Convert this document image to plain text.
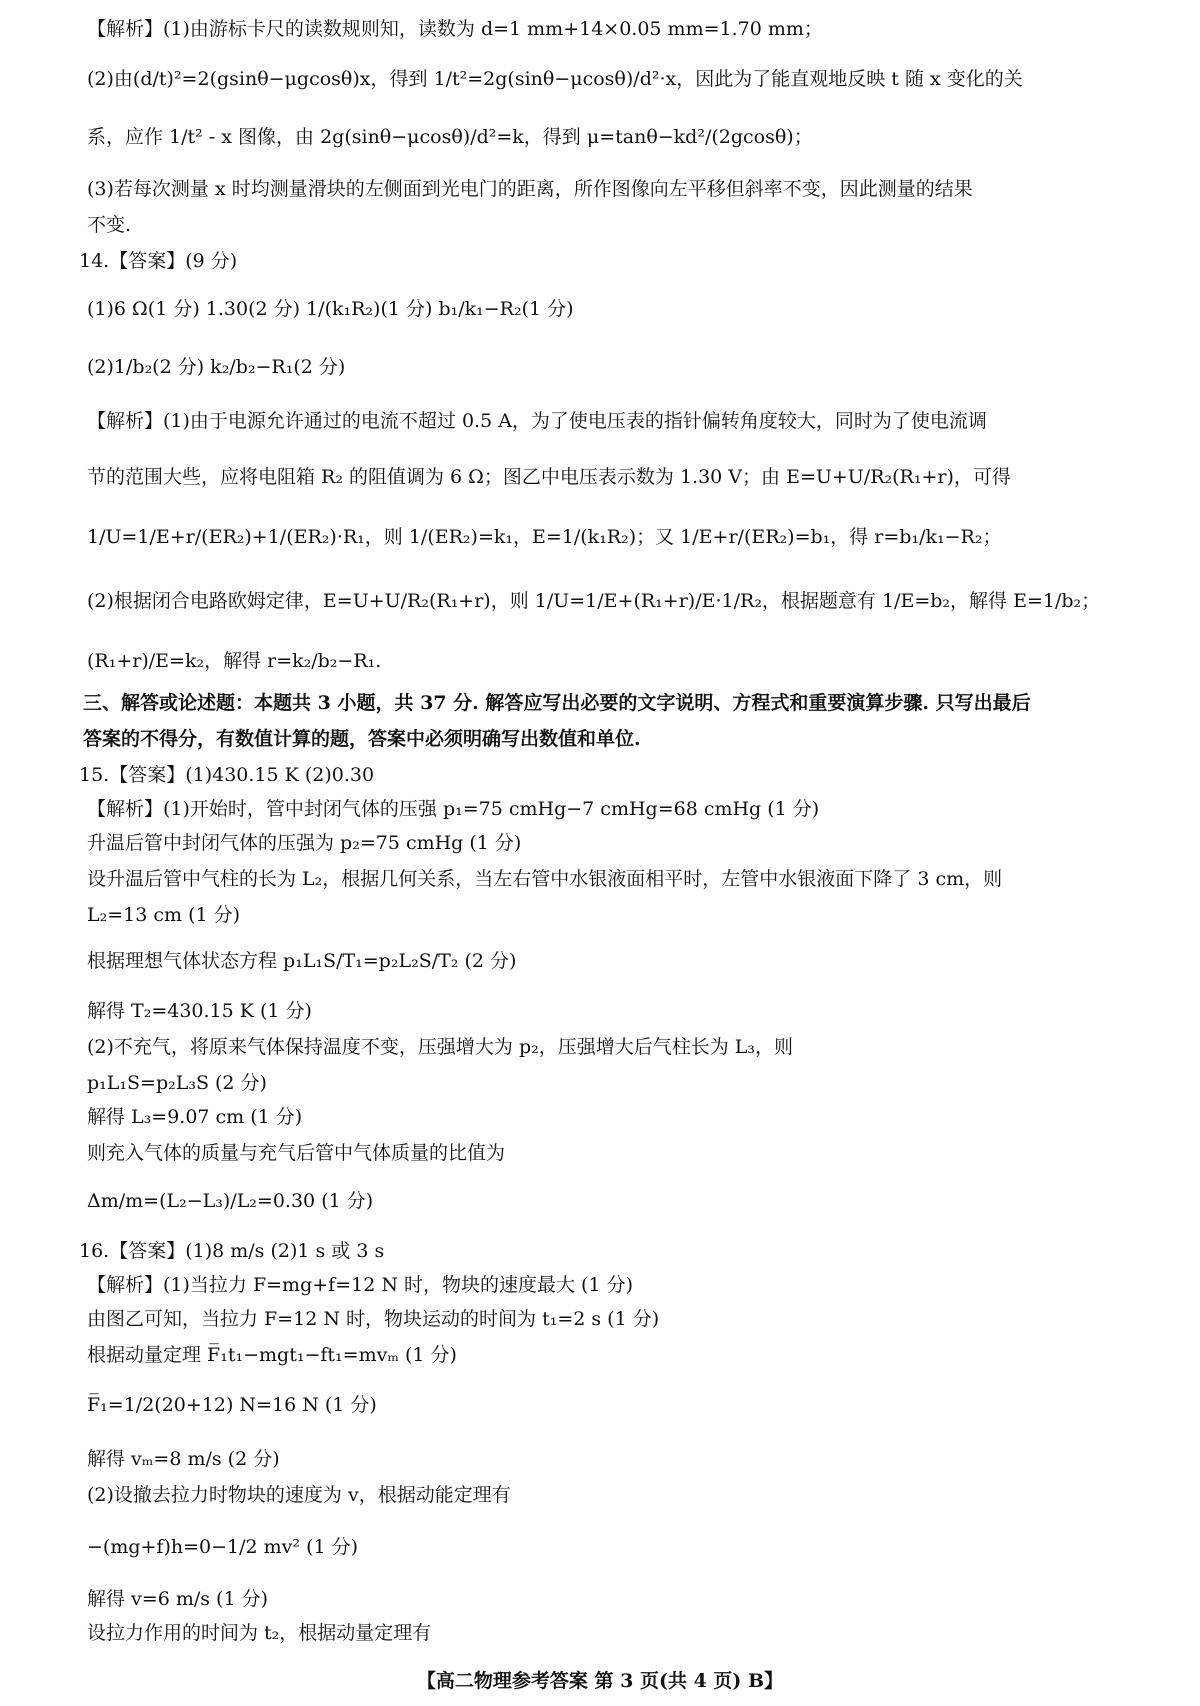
【解析】(1)由游标卡尺的读数规则知，读数为 d=1 mm+14×0.05 mm=1.70 mm；
(2)由(d/t)²=2(gsinθ−μgcosθ)x，得到 1/t²=2g(sinθ−μcosθ)/d²·x，因此为了能直观地反映 t 随 x 变化的关
系，应作 1/t² - x 图像，由 2g(sinθ−μcosθ)/d²=k，得到 μ=tanθ−kd²/(2gcosθ)；
(3)若每次测量 x 时均测量滑块的左侧面到光电门的距离，所作图像向左平移但斜率不变，因此测量的结果
不变.
14.【答案】(9 分)
(1)6 Ω(1 分) 1.30(2 分) 1/(k₁R₂)(1 分) b₁/k₁−R₂(1 分)
(2)1/b₂(2 分) k₂/b₂−R₁(2 分)
【解析】(1)由于电源允许通过的电流不超过 0.5 A，为了使电压表的指针偏转角度较大，同时为了使电流调
节的范围大些，应将电阻箱 R₂ 的阻值调为 6 Ω；图乙中电压表示数为 1.30 V；由 E=U+U/R₂(R₁+r)，可得
1/U=1/E+r/(ER₂)+1/(ER₂)·R₁，则 1/(ER₂)=k₁，E=1/(k₁R₂)；又 1/E+r/(ER₂)=b₁，得 r=b₁/k₁−R₂；
(2)根据闭合电路欧姆定律，E=U+U/R₂(R₁+r)，则 1/U=1/E+(R₁+r)/E·1/R₂，根据题意有 1/E=b₂，解得 E=1/b₂；
(R₁+r)/E=k₂，解得 r=k₂/b₂−R₁.
三、解答或论述题：本题共 3 小题，共 37 分. 解答应写出必要的文字说明、方程式和重要演算步骤. 只写出最后
答案的不得分，有数值计算的题，答案中必须明确写出数值和单位.
15.【答案】(1)430.15 K (2)0.30
【解析】(1)开始时，管中封闭气体的压强 p₁=75 cmHg−7 cmHg=68 cmHg (1 分)
升温后管中封闭气体的压强为 p₂=75 cmHg (1 分)
设升温后管中气柱的长为 L₂，根据几何关系，当左右管中水银液面相平时，左管中水银液面下降了 3 cm，则
L₂=13 cm (1 分)
根据理想气体状态方程 p₁L₁S/T₁=p₂L₂S/T₂ (2 分)
解得 T₂=430.15 K (1 分)
(2)不充气，将原来气体保持温度不变，压强增大为 p₂，压强增大后气柱长为 L₃，则
p₁L₁S=p₂L₃S (2 分)
解得 L₃=9.07 cm (1 分)
则充入气体的质量与充气后管中气体质量的比值为
Δm/m=(L₂−L₃)/L₂=0.30 (1 分)
16.【答案】(1)8 m/s (2)1 s 或 3 s
【解析】(1)当拉力 F=mg+f=12 N 时，物块的速度最大 (1 分)
由图乙可知，当拉力 F=12 N 时，物块运动的时间为 t₁=2 s (1 分)
根据动量定理 F̅₁t₁−mgt₁−ft₁=mvₘ (1 分)
F̅₁=1/2(20+12) N=16 N (1 分)
解得 vₘ=8 m/s (2 分)
(2)设撤去拉力时物块的速度为 v，根据动能定理有
−(mg+f)h=0−1/2 mv² (1 分)
解得 v=6 m/s (1 分)
设拉力作用的时间为 t₂，根据动量定理有
【高二物理参考答案 第 3 页(共 4 页) B】
